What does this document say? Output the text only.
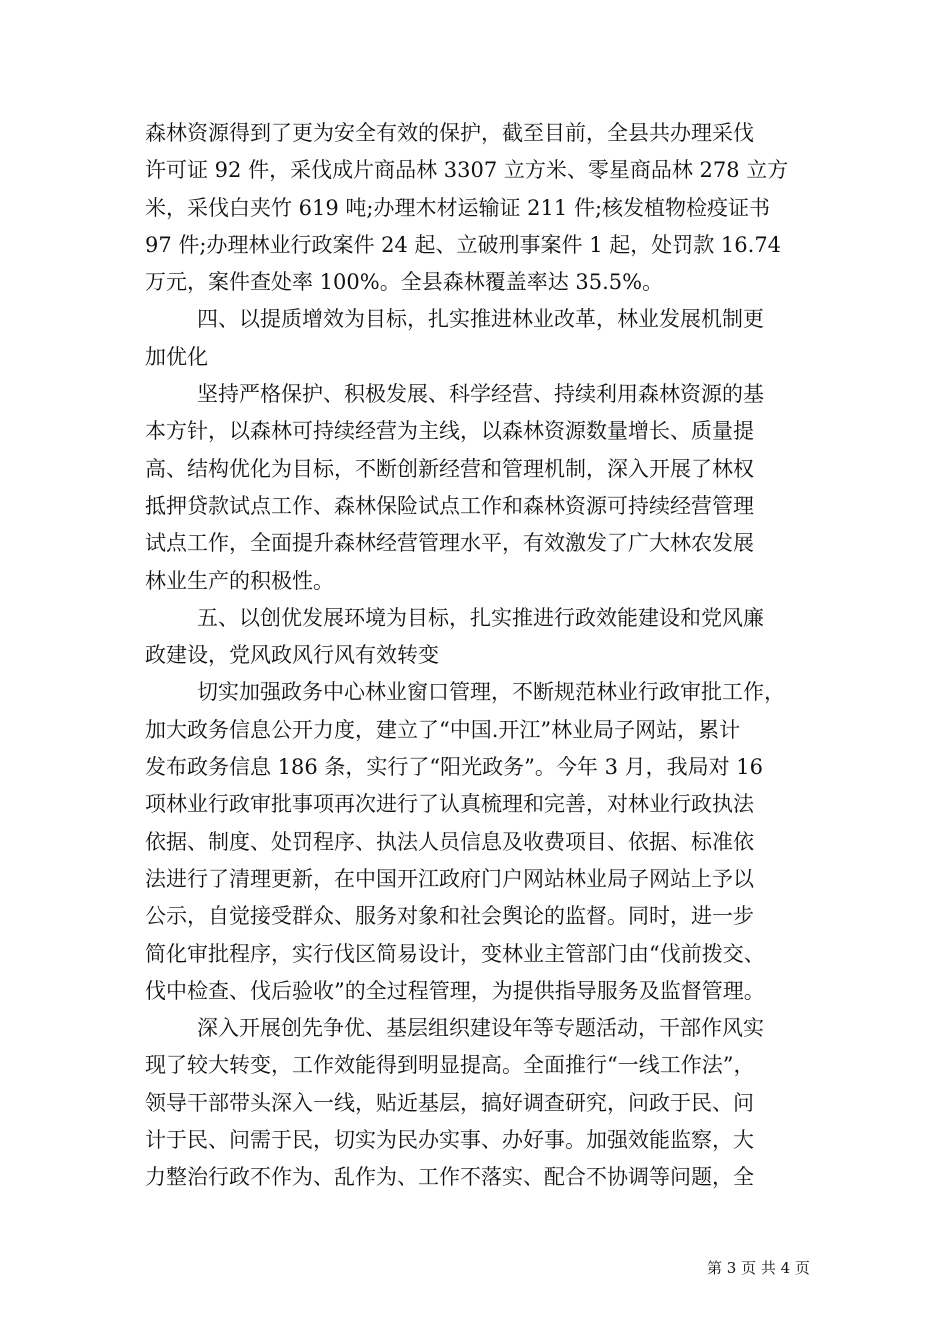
森林资源得到了更为安全有效的保护，截至目前，全县共办理采伐
许可证 92 件，采伐成片商品林 3307 立方米、零星商品林 278 立方
米，采伐白夹竹 619 吨;办理木材运输证 211 件;核发植物检疫证书
97 件;办理林业行政案件 24 起、立破刑事案件 1 起，处罚款 16.74
万元，案件查处率 100%。全县森林覆盖率达 35.5%。
四、以提质增效为目标，扎实推进林业改革，林业发展机制更
加优化
坚持严格保护、积极发展、科学经营、持续利用森林资源的基
本方针，以森林可持续经营为主线，以森林资源数量增长、质量提
高、结构优化为目标，不断创新经营和管理机制，深入开展了林权
抵押贷款试点工作、森林保险试点工作和森林资源可持续经营管理
试点工作，全面提升森林经营管理水平，有效激发了广大林农发展
林业生产的积极性。
五、以创优发展环境为目标，扎实推进行政效能建设和党风廉
政建设，党风政风行风有效转变
切实加强政务中心林业窗口管理，不断规范林业行政审批工作，
加大政务信息公开力度，建立了“中国.开江”林业局子网站，累计
发布政务信息 186 条，实行了“阳光政务”。今年 3 月，我局对 16
项林业行政审批事项再次进行了认真梳理和完善，对林业行政执法
依据、制度、处罚程序、执法人员信息及收费项目、依据、标准依
法进行了清理更新，在中国开江政府门户网站林业局子网站上予以
公示，自觉接受群众、服务对象和社会舆论的监督。同时，进一步
简化审批程序，实行伐区简易设计，变林业主管部门由“伐前拨交、
伐中检查、伐后验收”的全过程管理，为提供指导服务及监督管理。
深入开展创先争优、基层组织建设年等专题活动，干部作风实
现了较大转变，工作效能得到明显提高。全面推行“一线工作法”，
领导干部带头深入一线，贴近基层，搞好调查研究，问政于民、问
计于民、问需于民，切实为民办实事、办好事。加强效能监察，大
力整治行政不作为、乱作为、工作不落实、配合不协调等问题，全
第 3 页 共 4 页
